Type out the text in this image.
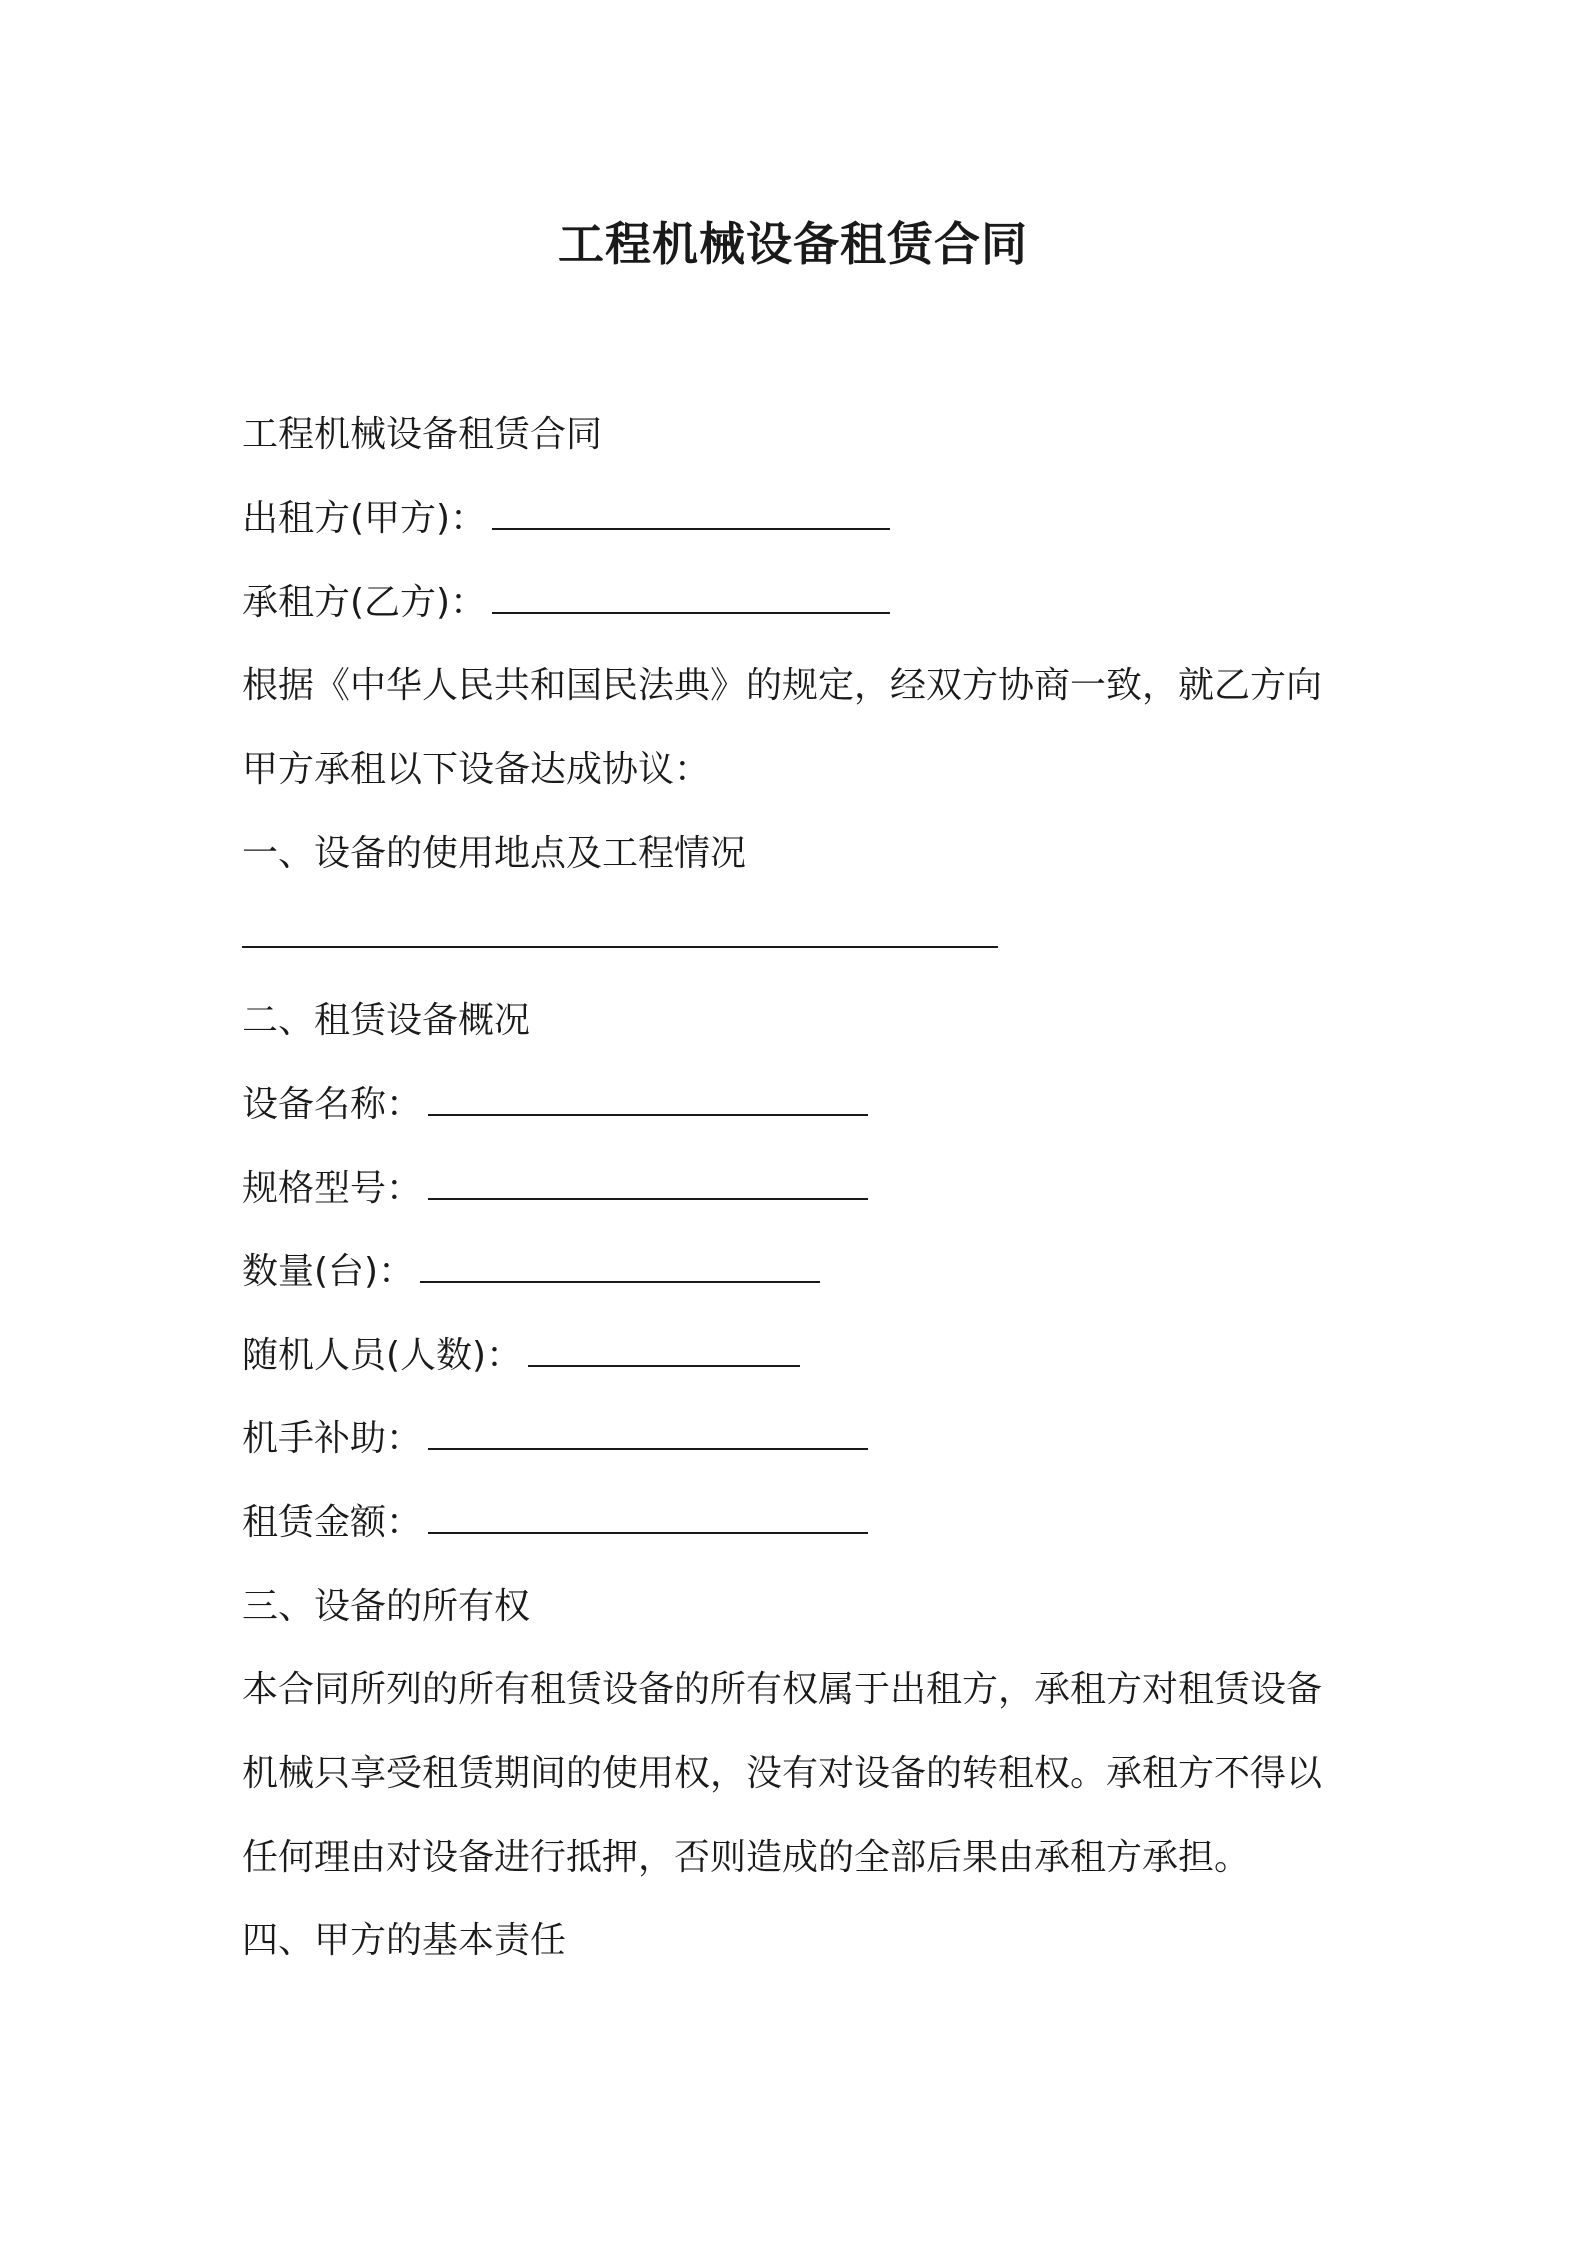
工程机械设备租赁合同
工程机械设备租赁合同
出租方(甲方)：
承租方(乙方)：
根据《中华人民共和国民法典》的规定，经双方协商一致，就乙方向
甲方承租以下设备达成协议：
一、设备的使用地点及工程情况
二、租赁设备概况
设备名称：
规格型号：
数量(台)：
随机人员(人数)：
机手补助：
租赁金额：
三、设备的所有权
本合同所列的所有租赁设备的所有权属于出租方，承租方对租赁设备
机械只享受租赁期间的使用权，没有对设备的转租权。承租方不得以
任何理由对设备进行抵押，否则造成的全部后果由承租方承担。
四、甲方的基本责任
